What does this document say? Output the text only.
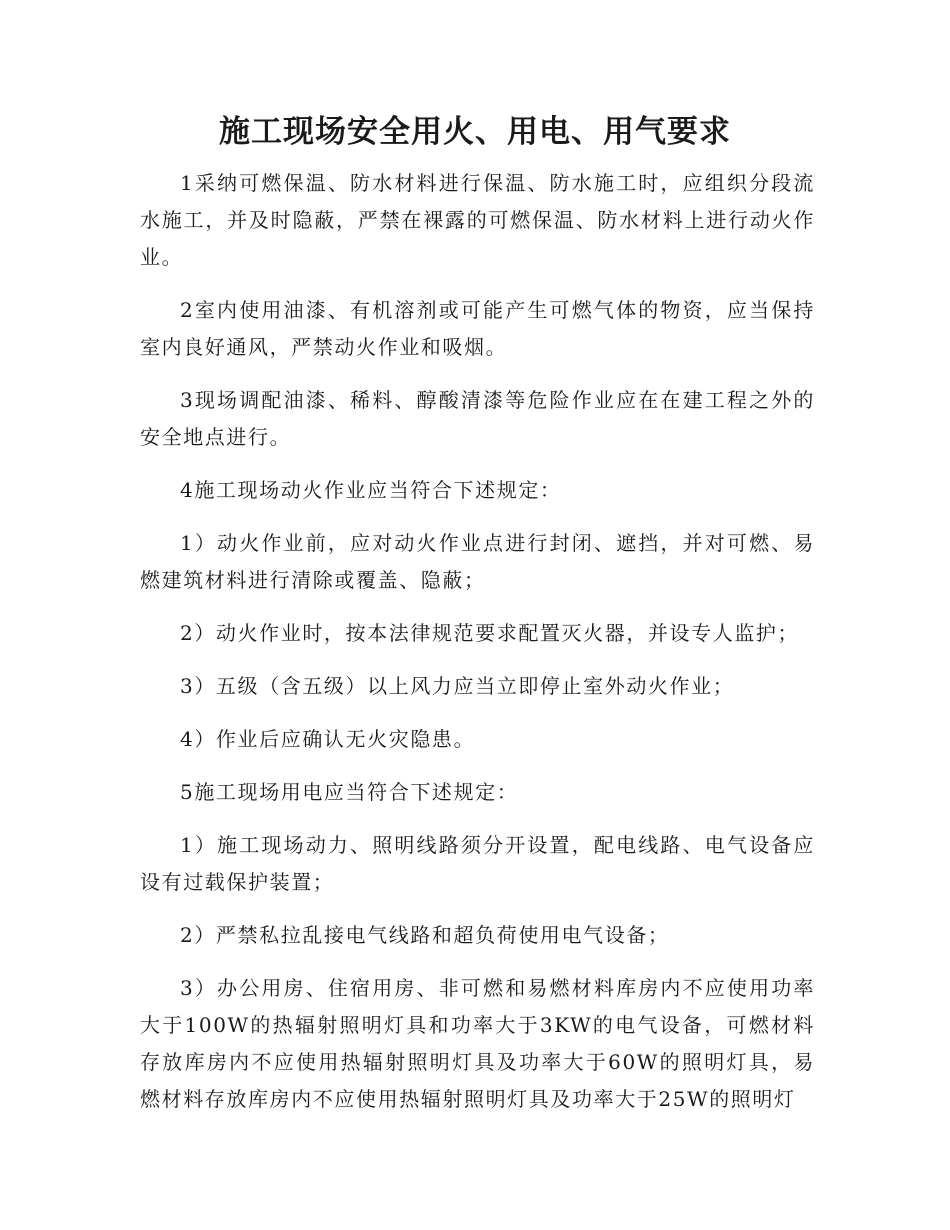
施工现场安全用火、用电、用气要求

1采纳可燃保温、防水材料进行保温、防水施工时，应组织分段流水施工，并及时隐蔽，严禁在裸露的可燃保温、防水材料上进行动火作业。

2室内使用油漆、有机溶剂或可能产生可燃气体的物资，应当保持室内良好通风，严禁动火作业和吸烟。

3现场调配油漆、稀料、醇酸清漆等危险作业应在在建工程之外的安全地点进行。

4施工现场动火作业应当符合下述规定：

1）动火作业前，应对动火作业点进行封闭、遮挡，并对可燃、易燃建筑材料进行清除或覆盖、隐蔽；

2）动火作业时，按本法律规范要求配置灭火器，并设专人监护；

3）五级（含五级）以上风力应当立即停止室外动火作业；

4）作业后应确认无火灾隐患。

5施工现场用电应当符合下述规定：

1）施工现场动力、照明线路须分开设置，配电线路、电气设备应设有过载保护装置；

2）严禁私拉乱接电气线路和超负荷使用电气设备；

3）办公用房、住宿用房、非可燃和易燃材料库房内不应使用功率大于100W的热辐射照明灯具和功率大于3KW的电气设备，可燃材料存放库房内不应使用热辐射照明灯具及功率大于60W的照明灯具，易燃材料存放库房内不应使用热辐射照明灯具及功率大于25W的照明灯
